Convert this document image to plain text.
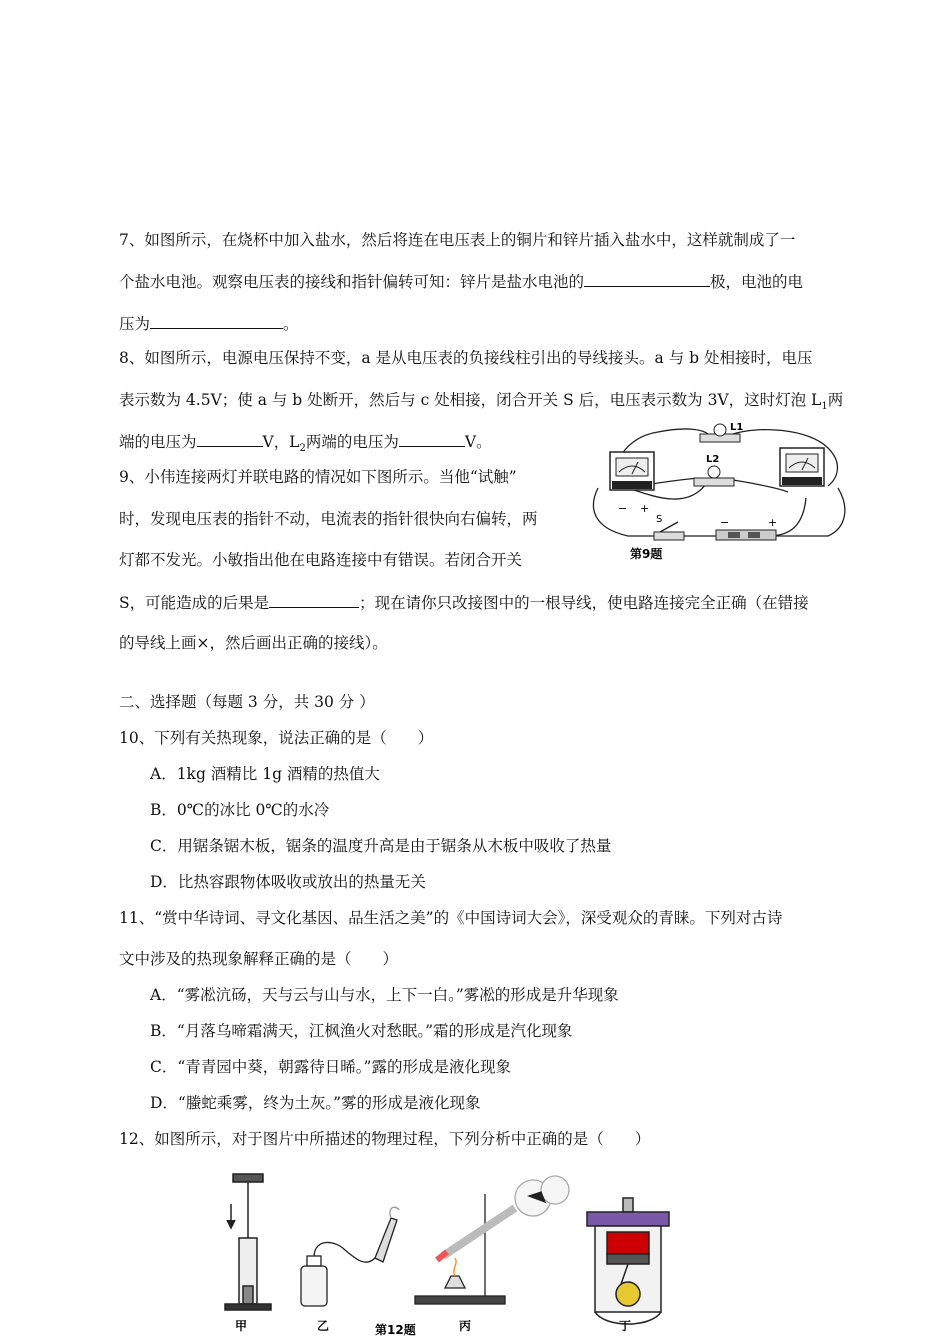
7、如图所示，在烧杯中加入盐水，然后将连在电压表上的铜片和锌片插入盐水中，这样就制成了一
个盐水电池。观察电压表的接线和指针偏转可知：锌片是盐水电池的	极，电池的电
压为	。
8、如图所示，电源电压保持不变，a 是从电压表的负接线柱引出的导线接头。a 与 b 处相接时，电压
表示数为 4.5V；使 a 与 b 处断开，然后与 c 处相接，闭合开关 S 后，电压表示数为 3V，这时灯泡 $L_1$两
端的电压为	V，$L_2$两端的电压为	V。
9、小伟连接两灯并联电路的情况如下图所示。当他“试触”
时，发现电压表的指针不动，电流表的指针很快向右偏转，两
灯都不发光。小敏指出他在电路连接中有错误。若闭合开关
S，可能造成的后果是	；现在请你只改接图中的一根导线，使电路连接完全正确（在错接
的导线上画×，然后画出正确的接线）。
− +
L1
L2
S	−	+
第9题
二、选择题（每题 3 分，共 30 分 ）
10、下列有关热现象，说法正确的是（　　）
A．1kg 酒精比 1g 酒精的热值大
B．0℃的冰比 0℃的水冷
C．用锯条锯木板，锯条的温度升高是由于锯条从木板中吸收了热量
D．比热容跟物体吸收或放出的热量无关
11、“赏中华诗词、寻文化基因、品生活之美”的《中国诗词大会》，深受观众的青睐。下列对古诗
文中涉及的热现象解释正确的是（　　）
A．“雾凇沆砀，天与云与山与水，上下一白。”雾凇的形成是升华现象
B．“月落乌啼霜满天，江枫渔火对愁眠。”霜的形成是汽化现象
C．“青青园中葵，朝露待日晞。”露的形成是液化现象
D．“螣蛇乘雾，终为土灰。”雾的形成是液化现象
12、如图所示，对于图片中所描述的物理过程，下列分析中正确的是（　　）
甲	乙	第12题	丙	丁
